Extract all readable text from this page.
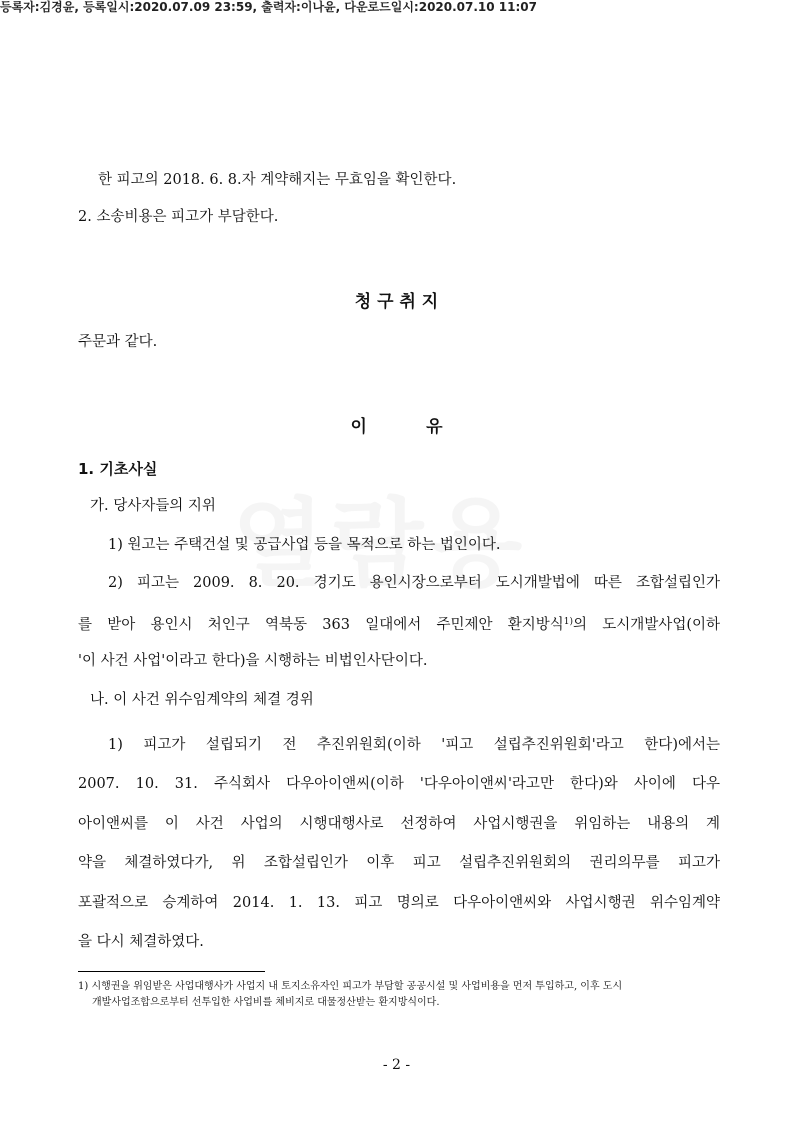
등록자:김경윤, 등록일시:2020.07.09 23:59, 출력자:이나윤, 다운로드일시:2020.07.10 11:07
한 피고의 2018. 6. 8.자 계약해지는 무효임을 확인한다.
2. 소송비용은 피고가 부담한다.
청 구 취 지
주문과 같다.
이          유
1. 기초사실
가. 당사자들의 지위
1) 원고는 주택건설 및 공급사업 등을 목적으로 하는 법인이다.
2) 피고는 2009. 8. 20. 경기도 용인시장으로부터 도시개발법에 따른 조합설립인가
를 받아 용인시 처인구 역북동 363 일대에서 주민제안 환지방식$^{1)}$의 도시개발사업(이하
'이 사건 사업'이라고 한다)을 시행하는 비법인사단이다.
나. 이 사건 위수임계약의 체결 경위
1) 피고가 설립되기 전 추진위원회(이하 '피고 설립추진위원회'라고 한다)에서는
2007. 10. 31. 주식회사 다우아이앤씨(이하 '다우아이앤씨'라고만 한다)와 사이에 다우
아이앤씨를 이 사건 사업의 시행대행사로 선정하여 사업시행권을 위임하는 내용의 계
약을 체결하였다가, 위 조합설립인가 이후 피고 설립추진위원회의 권리의무를 피고가
포괄적으로 승계하여 2014. 1. 13. 피고 명의로 다우아이앤씨와 사업시행권 위수임계약
을 다시 체결하였다.
1) 시행권을 위임받은 사업대행사가 사업지 내 토지소유자인 피고가 부담할 공공시설 및 사업비용을 먼저 투입하고, 이후 도시
개발사업조합으로부터 선투입한 사업비를 체비지로 대물정산받는 환지방식이다.
- 2 -
